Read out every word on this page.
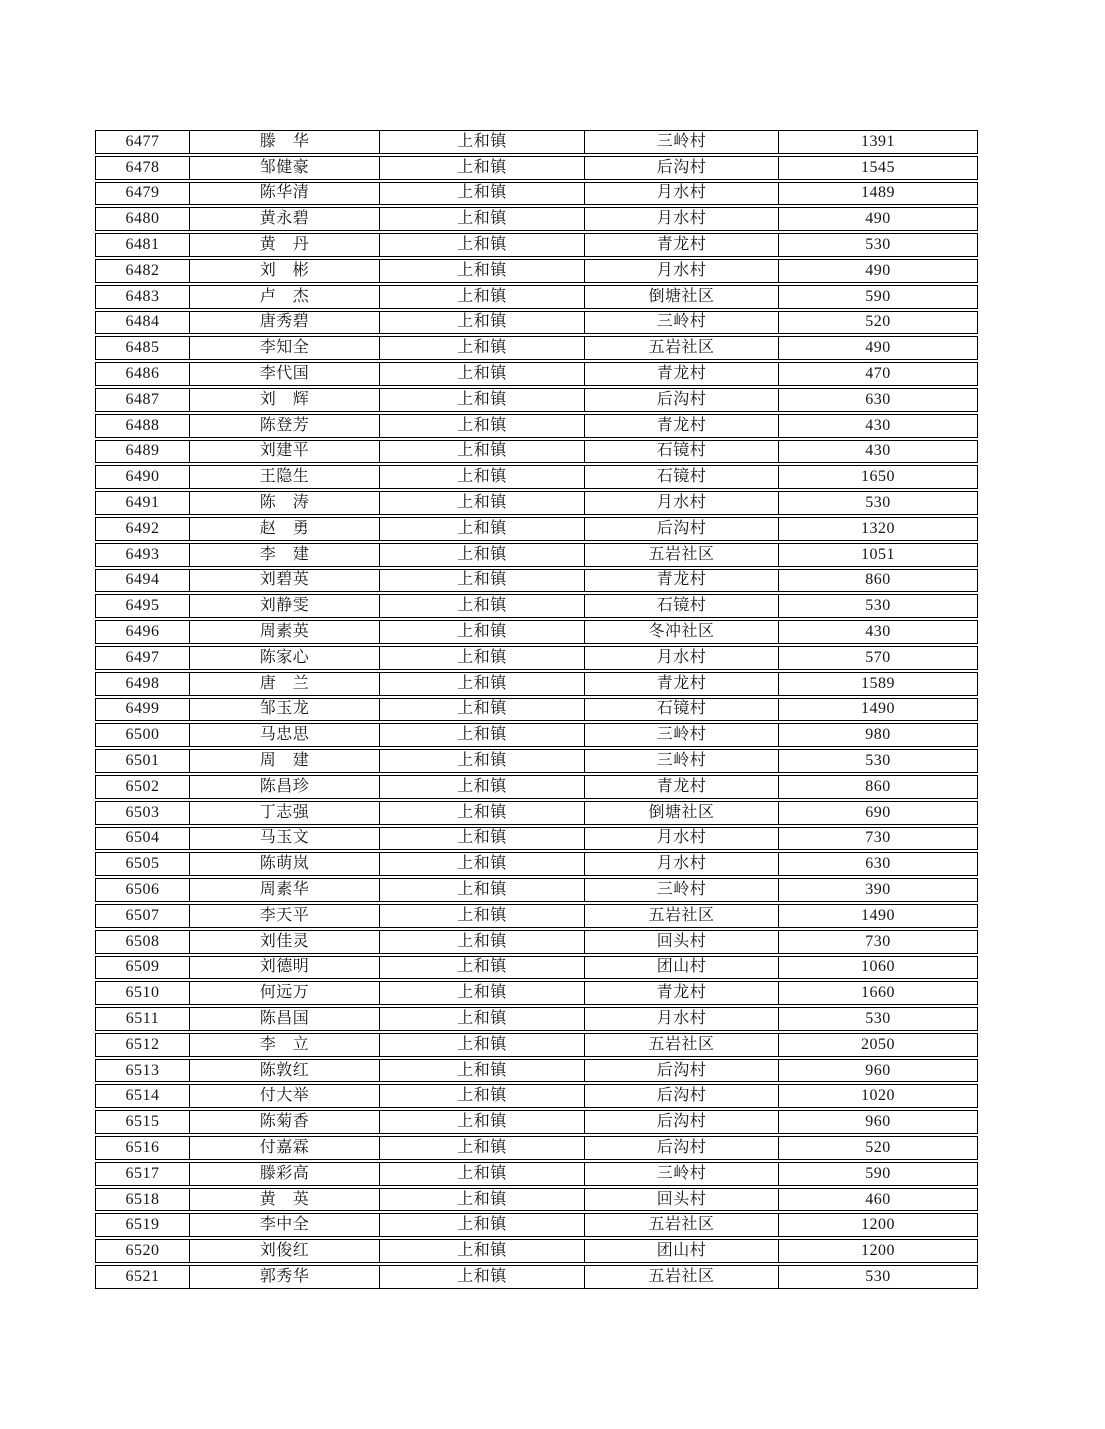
6477	滕　华	上和镇	三岭村	1391
6478	邹健豪	上和镇	后沟村	1545
6479	陈华清	上和镇	月水村	1489
6480	黄永碧	上和镇	月水村	490
6481	黄　丹	上和镇	青龙村	530
6482	刘　彬	上和镇	月水村	490
6483	卢　杰	上和镇	倒塘社区	590
6484	唐秀碧	上和镇	三岭村	520
6485	李知全	上和镇	五岩社区	490
6486	李代国	上和镇	青龙村	470
6487	刘　辉	上和镇	后沟村	630
6488	陈登芳	上和镇	青龙村	430
6489	刘建平	上和镇	石镜村	430
6490	王隐生	上和镇	石镜村	1650
6491	陈　涛	上和镇	月水村	530
6492	赵　勇	上和镇	后沟村	1320
6493	李　建	上和镇	五岩社区	1051
6494	刘碧英	上和镇	青龙村	860
6495	刘静雯	上和镇	石镜村	530
6496	周素英	上和镇	冬冲社区	430
6497	陈家心	上和镇	月水村	570
6498	唐　兰	上和镇	青龙村	1589
6499	邹玉龙	上和镇	石镜村	1490
6500	马忠思	上和镇	三岭村	980
6501	周　建	上和镇	三岭村	530
6502	陈昌珍	上和镇	青龙村	860
6503	丁志强	上和镇	倒塘社区	690
6504	马玉文	上和镇	月水村	730
6505	陈萌岚	上和镇	月水村	630
6506	周素华	上和镇	三岭村	390
6507	李天平	上和镇	五岩社区	1490
6508	刘佳灵	上和镇	回头村	730
6509	刘德明	上和镇	团山村	1060
6510	何远万	上和镇	青龙村	1660
6511	陈昌国	上和镇	月水村	530
6512	李　立	上和镇	五岩社区	2050
6513	陈敦红	上和镇	后沟村	960
6514	付大举	上和镇	后沟村	1020
6515	陈菊香	上和镇	后沟村	960
6516	付嘉霖	上和镇	后沟村	520
6517	滕彩高	上和镇	三岭村	590
6518	黄　英	上和镇	回头村	460
6519	李中全	上和镇	五岩社区	1200
6520	刘俊红	上和镇	团山村	1200
6521	郭秀华	上和镇	五岩社区	530
